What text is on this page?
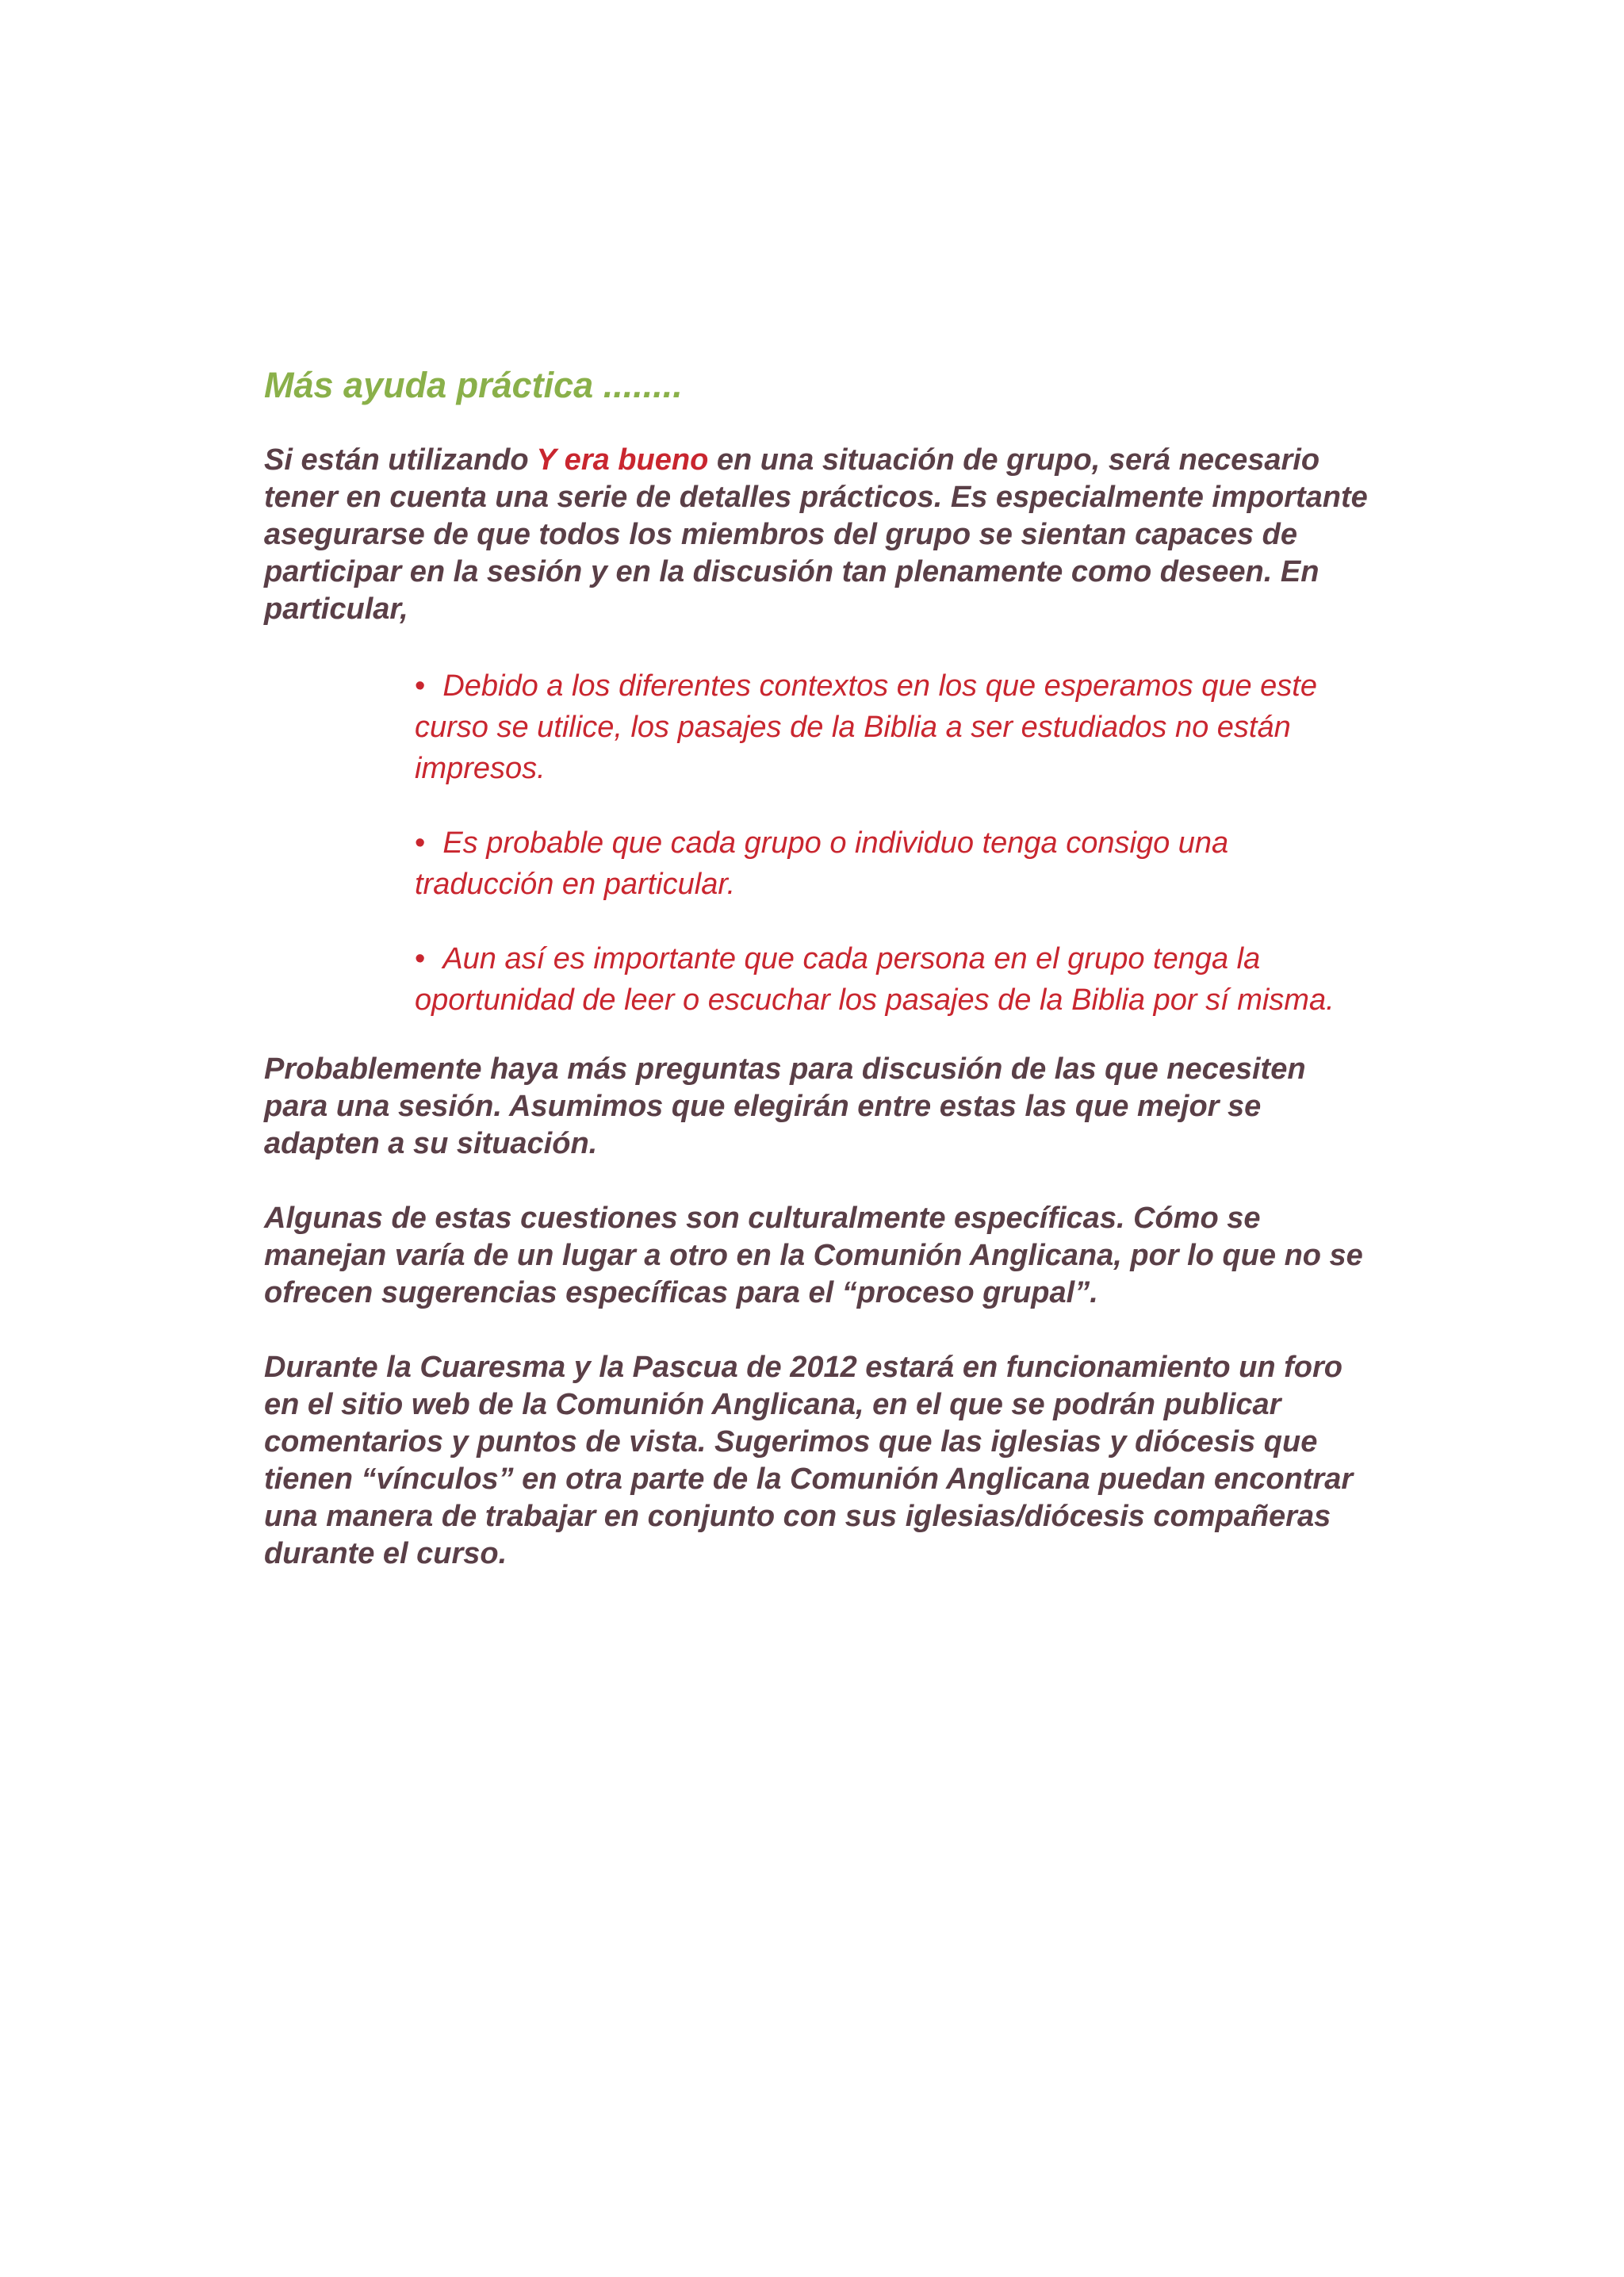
Más ayuda práctica ........

Si están utilizando Y era bueno en una situación de grupo, será necesario tener en cuenta una serie de detalles prácticos. Es especialmente importante asegurarse de que todos los miembros del grupo se sientan capaces de participar en la sesión y en la discusión tan plenamente como deseen. En particular,

• Debido a los diferentes contextos en los que esperamos que este curso se utilice, los pasajes de la Biblia a ser estudiados no están impresos.
• Es probable que cada grupo o individuo tenga consigo una traducción en particular.
• Aun así es importante que cada persona en el grupo tenga la oportunidad de leer o escuchar los pasajes de la Biblia por sí misma.

Probablemente haya más preguntas para discusión de las que necesiten para una sesión. Asumimos que elegirán entre estas las que mejor se adapten a su situación.

Algunas de estas cuestiones son culturalmente específicas. Cómo se manejan varía de un lugar a otro en la Comunión Anglicana, por lo que no se ofrecen sugerencias específicas para el “proceso grupal”.

Durante la Cuaresma y la Pascua de 2012 estará en funcionamiento un foro en el sitio web de la Comunión Anglicana, en el que se podrán publicar comentarios y puntos de vista. Sugerimos que las iglesias y diócesis que tienen “vínculos” en otra parte de la Comunión Anglicana puedan encontrar una manera de trabajar en conjunto con sus iglesias/diócesis compañeras durante el curso.
